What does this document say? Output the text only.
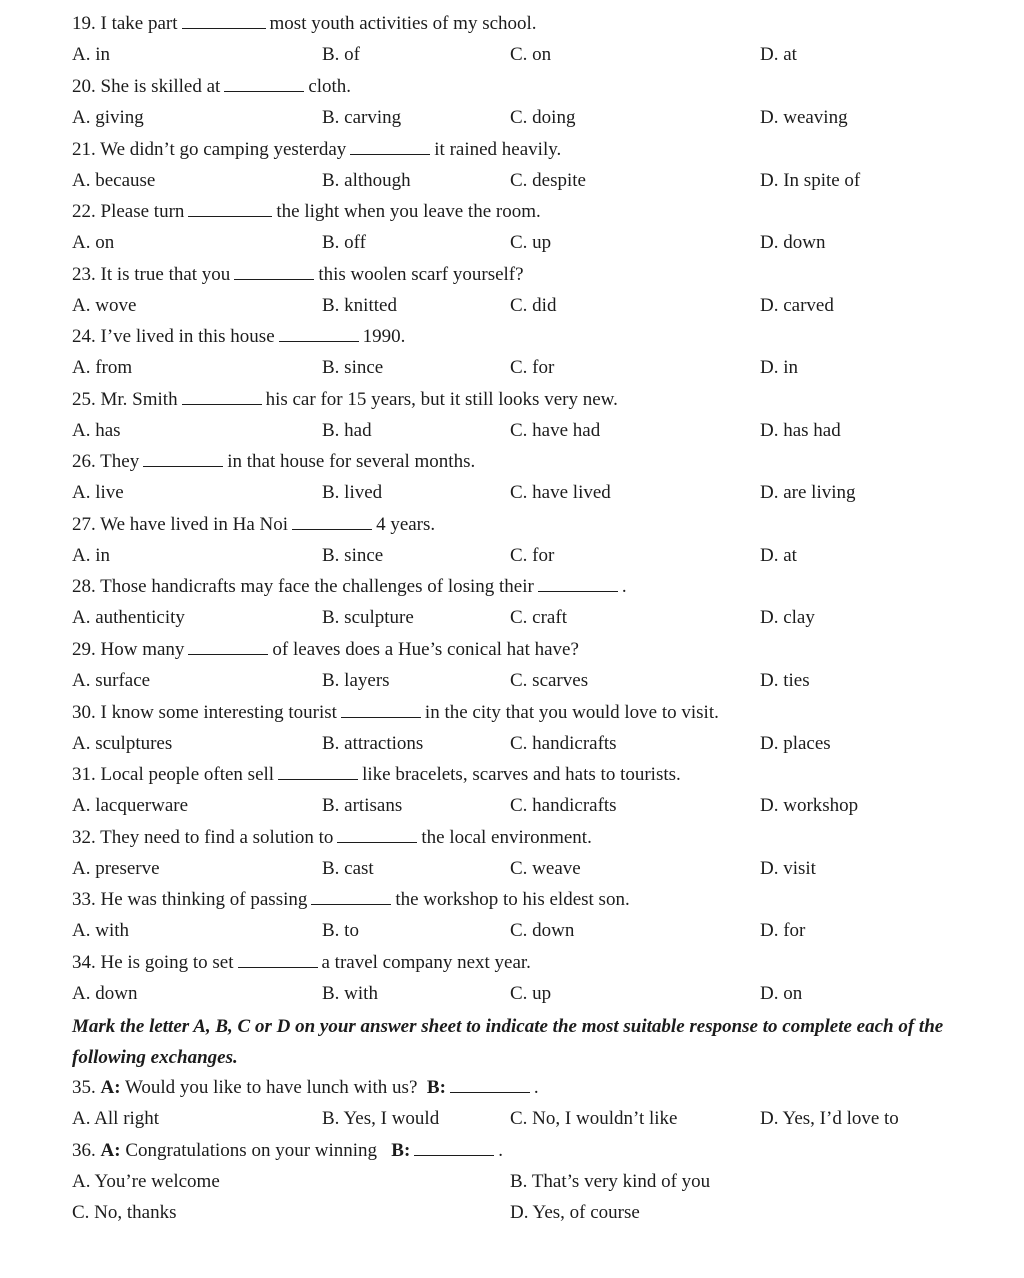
19. I take part	most youth activities of my school.
A. in	B. of	C. on	D. at
20. She is skilled at	cloth.
A. giving	B. carving	C. doing	D. weaving
21. We didn’t go camping yesterday	it rained heavily.
A. because	B. although	C. despite	D. In spite of
22. Please turn	the light when you leave the room.
A. on	B. off	C. up	D. down
23. It is true that you	this woolen scarf yourself?
A. wove	B. knitted	C. did	D. carved
24. I’ve lived in this house	1990.
A. from	B. since	C. for	D. in
25. Mr. Smith	his car for 15 years, but it still looks very new.
A. has	B. had	C. have had	D. has had
26. They	in that house for several months.
A. live	B. lived	C. have lived	D. are living
27. We have lived in Ha Noi	4 years.
A. in	B. since	C. for	D. at
28. Those handicrafts may face the challenges of losing their	.
A. authenticity	B. sculpture	C. craft	D. clay
29. How many	of leaves does a Hue’s conical hat have?
A. surface	B. layers	C. scarves	D. ties
30. I know some interesting tourist	in the city that you would love to visit.
A. sculptures	B. attractions	C. handicrafts	D. places
31. Local people often sell	like bracelets, scarves and hats to tourists.
A. lacquerware	B. artisans	C. handicrafts	D. workshop
32. They need to find a solution to	the local environment.
A. preserve	B. cast	C. weave	D. visit
33. He was thinking of passing	the workshop to his eldest son.
A. with	B. to	C. down	D. for
34. He is going to set	a travel company next year.
A. down	B. with	C. up	D. on
Mark the letter A, B, C or D on your answer sheet to indicate the most suitable response to complete each of the following exchanges.
35. A: Would you like to have lunch with us? B:	.
A. All right	B. Yes, I would	C. No, I wouldn’t like	D. Yes, I’d love to
36. A: Congratulations on your winning B:	.
A. You’re welcome	B. That’s very kind of you
C. No, thanks	D. Yes, of course
